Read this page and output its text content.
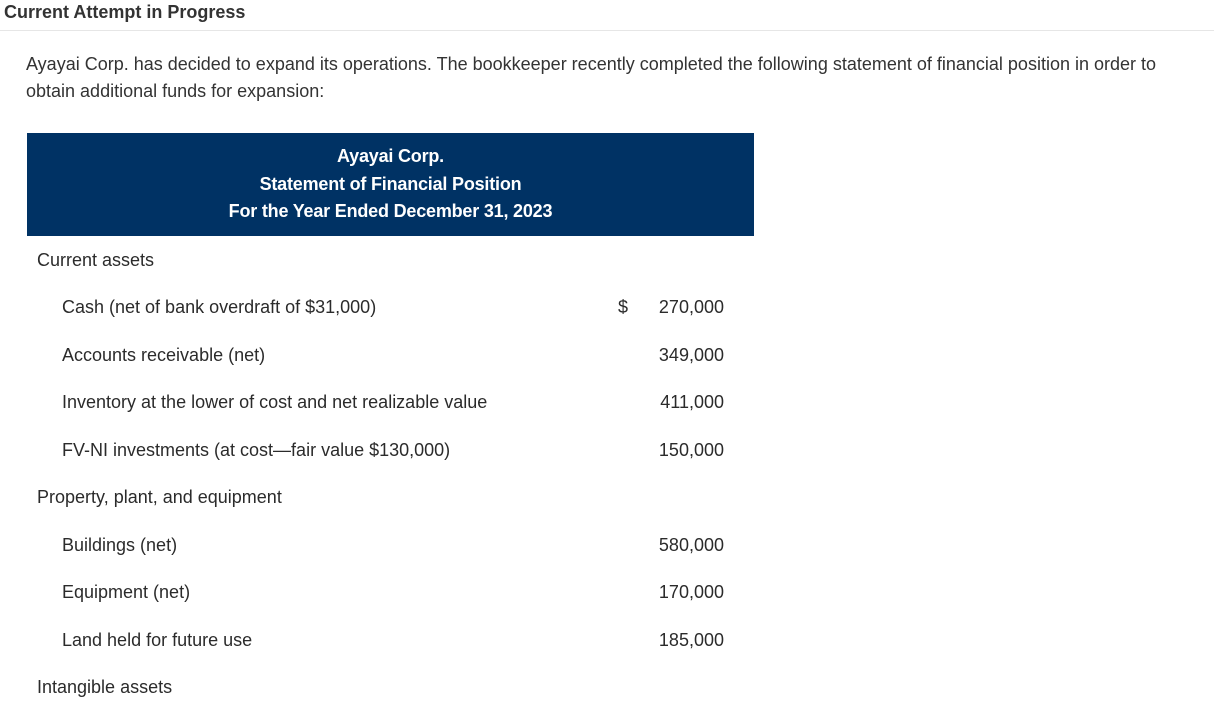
Current Attempt in Progress
Ayayai Corp. has decided to expand its operations. The bookkeeper recently completed the following statement of financial position in order to obtain additional funds for expansion:
Ayayai Corp.
Statement of Financial Position
For the Year Ended December 31, 2023
Current assets
Cash (net of bank overdraft of $31,000)	$ 270,000
Accounts receivable (net)	349,000
Inventory at the lower of cost and net realizable value	411,000
FV-NI investments (at cost—fair value $130,000)	150,000
Property, plant, and equipment
Buildings (net)	580,000
Equipment (net)	170,000
Land held for future use	185,000
Intangible assets
